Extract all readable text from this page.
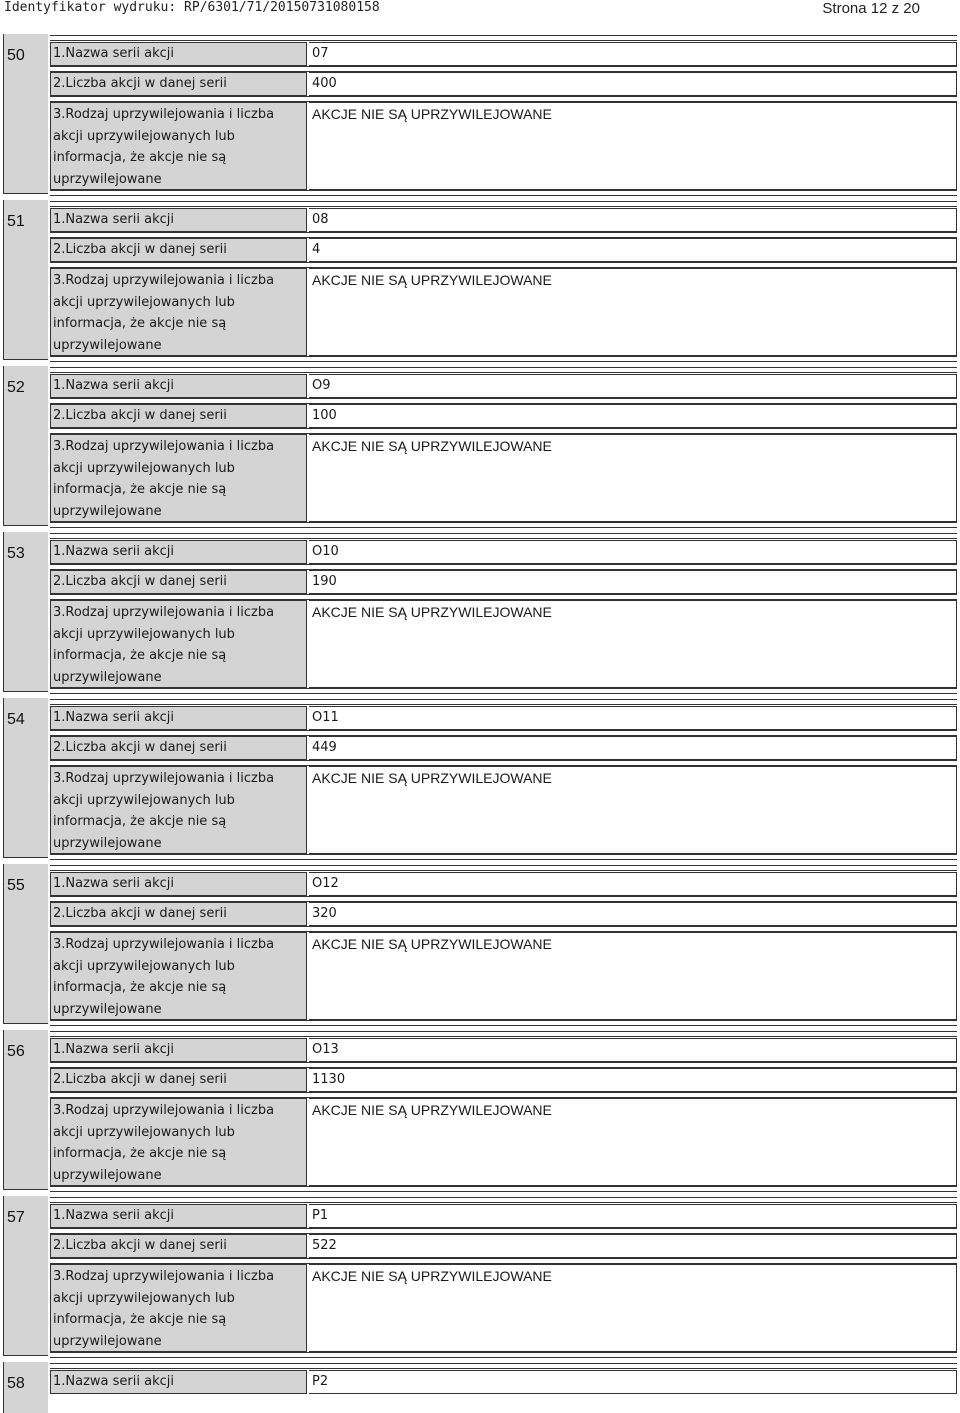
Identyfikator wydruku: RP/6301/71/20150731080158	Strona 12 z 20
50 1.Nazwa serii akcji	07
2.Liczba akcji w danej serii	400
3.Rodzaj uprzywilejowania i liczba akcji uprzywilejowanych lub informacja, że akcje nie są uprzywilejowane
AKCJE NIE SĄ UPRZYWILEJOWANE
51 1.Nazwa serii akcji	08
2.Liczba akcji w danej serii	4
3.Rodzaj uprzywilejowania i liczba akcji uprzywilejowanych lub informacja, że akcje nie są uprzywilejowane
AKCJE NIE SĄ UPRZYWILEJOWANE
52 1.Nazwa serii akcji	O9
2.Liczba akcji w danej serii	100
3.Rodzaj uprzywilejowania i liczba akcji uprzywilejowanych lub informacja, że akcje nie są uprzywilejowane
AKCJE NIE SĄ UPRZYWILEJOWANE
53 1.Nazwa serii akcji	O10
2.Liczba akcji w danej serii	190
3.Rodzaj uprzywilejowania i liczba akcji uprzywilejowanych lub informacja, że akcje nie są uprzywilejowane
AKCJE NIE SĄ UPRZYWILEJOWANE
54 1.Nazwa serii akcji	O11
2.Liczba akcji w danej serii	449
3.Rodzaj uprzywilejowania i liczba akcji uprzywilejowanych lub informacja, że akcje nie są uprzywilejowane
AKCJE NIE SĄ UPRZYWILEJOWANE
55 1.Nazwa serii akcji	O12
2.Liczba akcji w danej serii	320
3.Rodzaj uprzywilejowania i liczba akcji uprzywilejowanych lub informacja, że akcje nie są uprzywilejowane
AKCJE NIE SĄ UPRZYWILEJOWANE
56 1.Nazwa serii akcji	O13
2.Liczba akcji w danej serii	1130
3.Rodzaj uprzywilejowania i liczba akcji uprzywilejowanych lub informacja, że akcje nie są uprzywilejowane
AKCJE NIE SĄ UPRZYWILEJOWANE
57 1.Nazwa serii akcji	P1
2.Liczba akcji w danej serii	522
3.Rodzaj uprzywilejowania i liczba akcji uprzywilejowanych lub informacja, że akcje nie są uprzywilejowane
AKCJE NIE SĄ UPRZYWILEJOWANE
58 1.Nazwa serii akcji	P2
